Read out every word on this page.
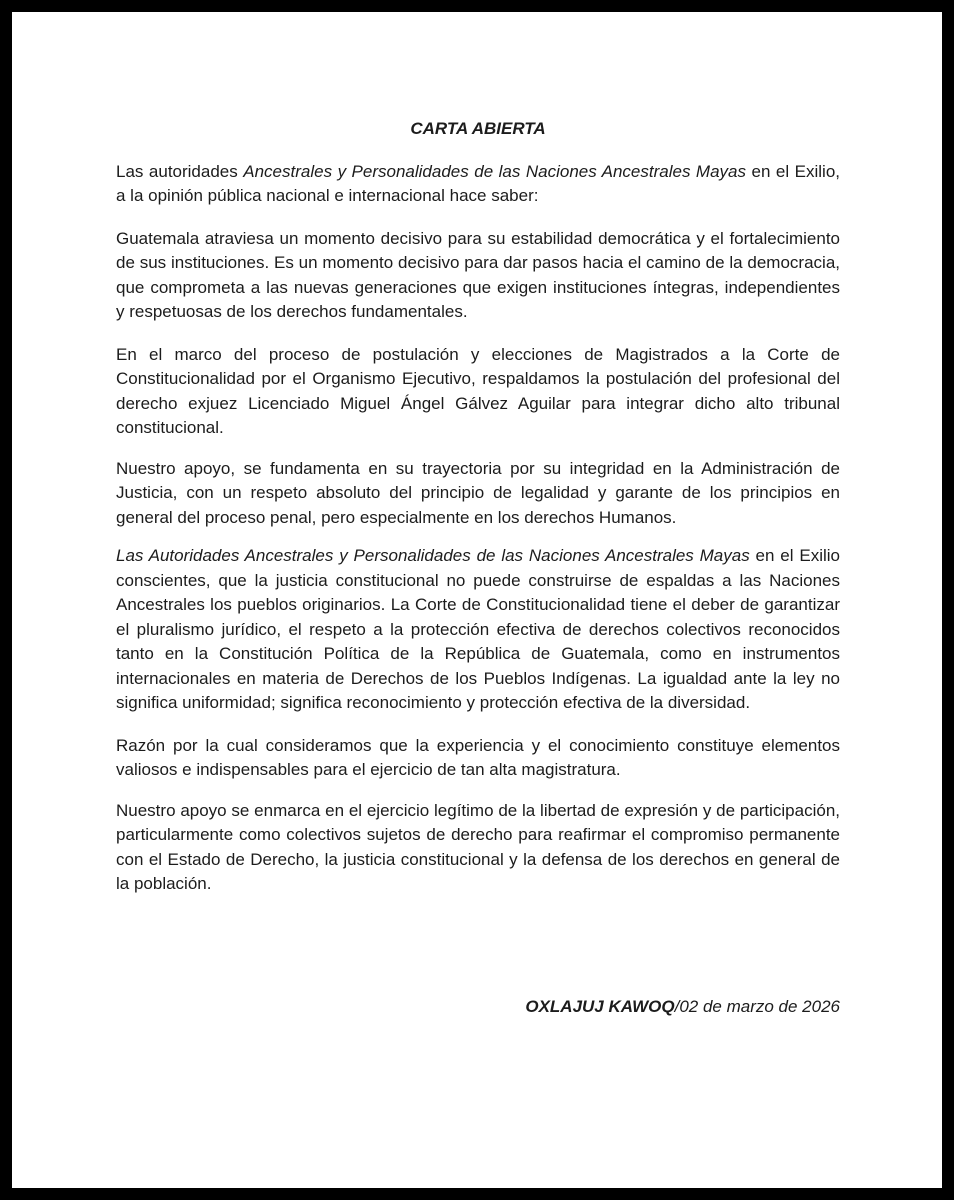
CARTA ABIERTA

Las autoridades Ancestrales y Personalidades de las Naciones Ancestrales Mayas en el Exilio, a la opinión pública nacional e internacional hace saber:

Guatemala atraviesa un momento decisivo para su estabilidad democrática y el fortalecimiento de sus instituciones. Es un momento decisivo para dar pasos hacia el camino de la democracia, que comprometa a las nuevas generaciones que exigen instituciones íntegras, independientes y respetuosas de los derechos fundamentales.

En el marco del proceso de postulación y elecciones de Magistrados a la Corte de Constitucionalidad por el Organismo Ejecutivo, respaldamos la postulación del profesional del derecho exjuez Licenciado Miguel Ángel Gálvez Aguilar para integrar dicho alto tribunal constitucional.

Nuestro apoyo, se fundamenta en su trayectoria por su integridad en la Administración de Justicia, con un respeto absoluto del principio de legalidad y garante de los principios en general del proceso penal, pero especialmente en los derechos Humanos.

Las Autoridades Ancestrales y Personalidades de las Naciones Ancestrales Mayas en el Exilio conscientes, que la justicia constitucional no puede construirse de espaldas a las Naciones Ancestrales los pueblos originarios. La Corte de Constitucionalidad tiene el deber de garantizar el pluralismo jurídico, el respeto a la protección efectiva de derechos colectivos reconocidos tanto en la Constitución Política de la República de Guatemala, como en instrumentos internacionales en materia de Derechos de los Pueblos Indígenas. La igualdad ante la ley no significa uniformidad; significa reconocimiento y protección efectiva de la diversidad.

Razón por la cual consideramos que la experiencia y el conocimiento constituye elementos valiosos e indispensables para el ejercicio de tan alta magistratura.

Nuestro apoyo se enmarca en el ejercicio legítimo de la libertad de expresión y de participación, particularmente como colectivos sujetos de derecho para reafirmar el compromiso permanente con el Estado de Derecho, la justicia constitucional y la defensa de los derechos en general de la población.

OXLAJUJ KAWOQ/02 de marzo de 2026
